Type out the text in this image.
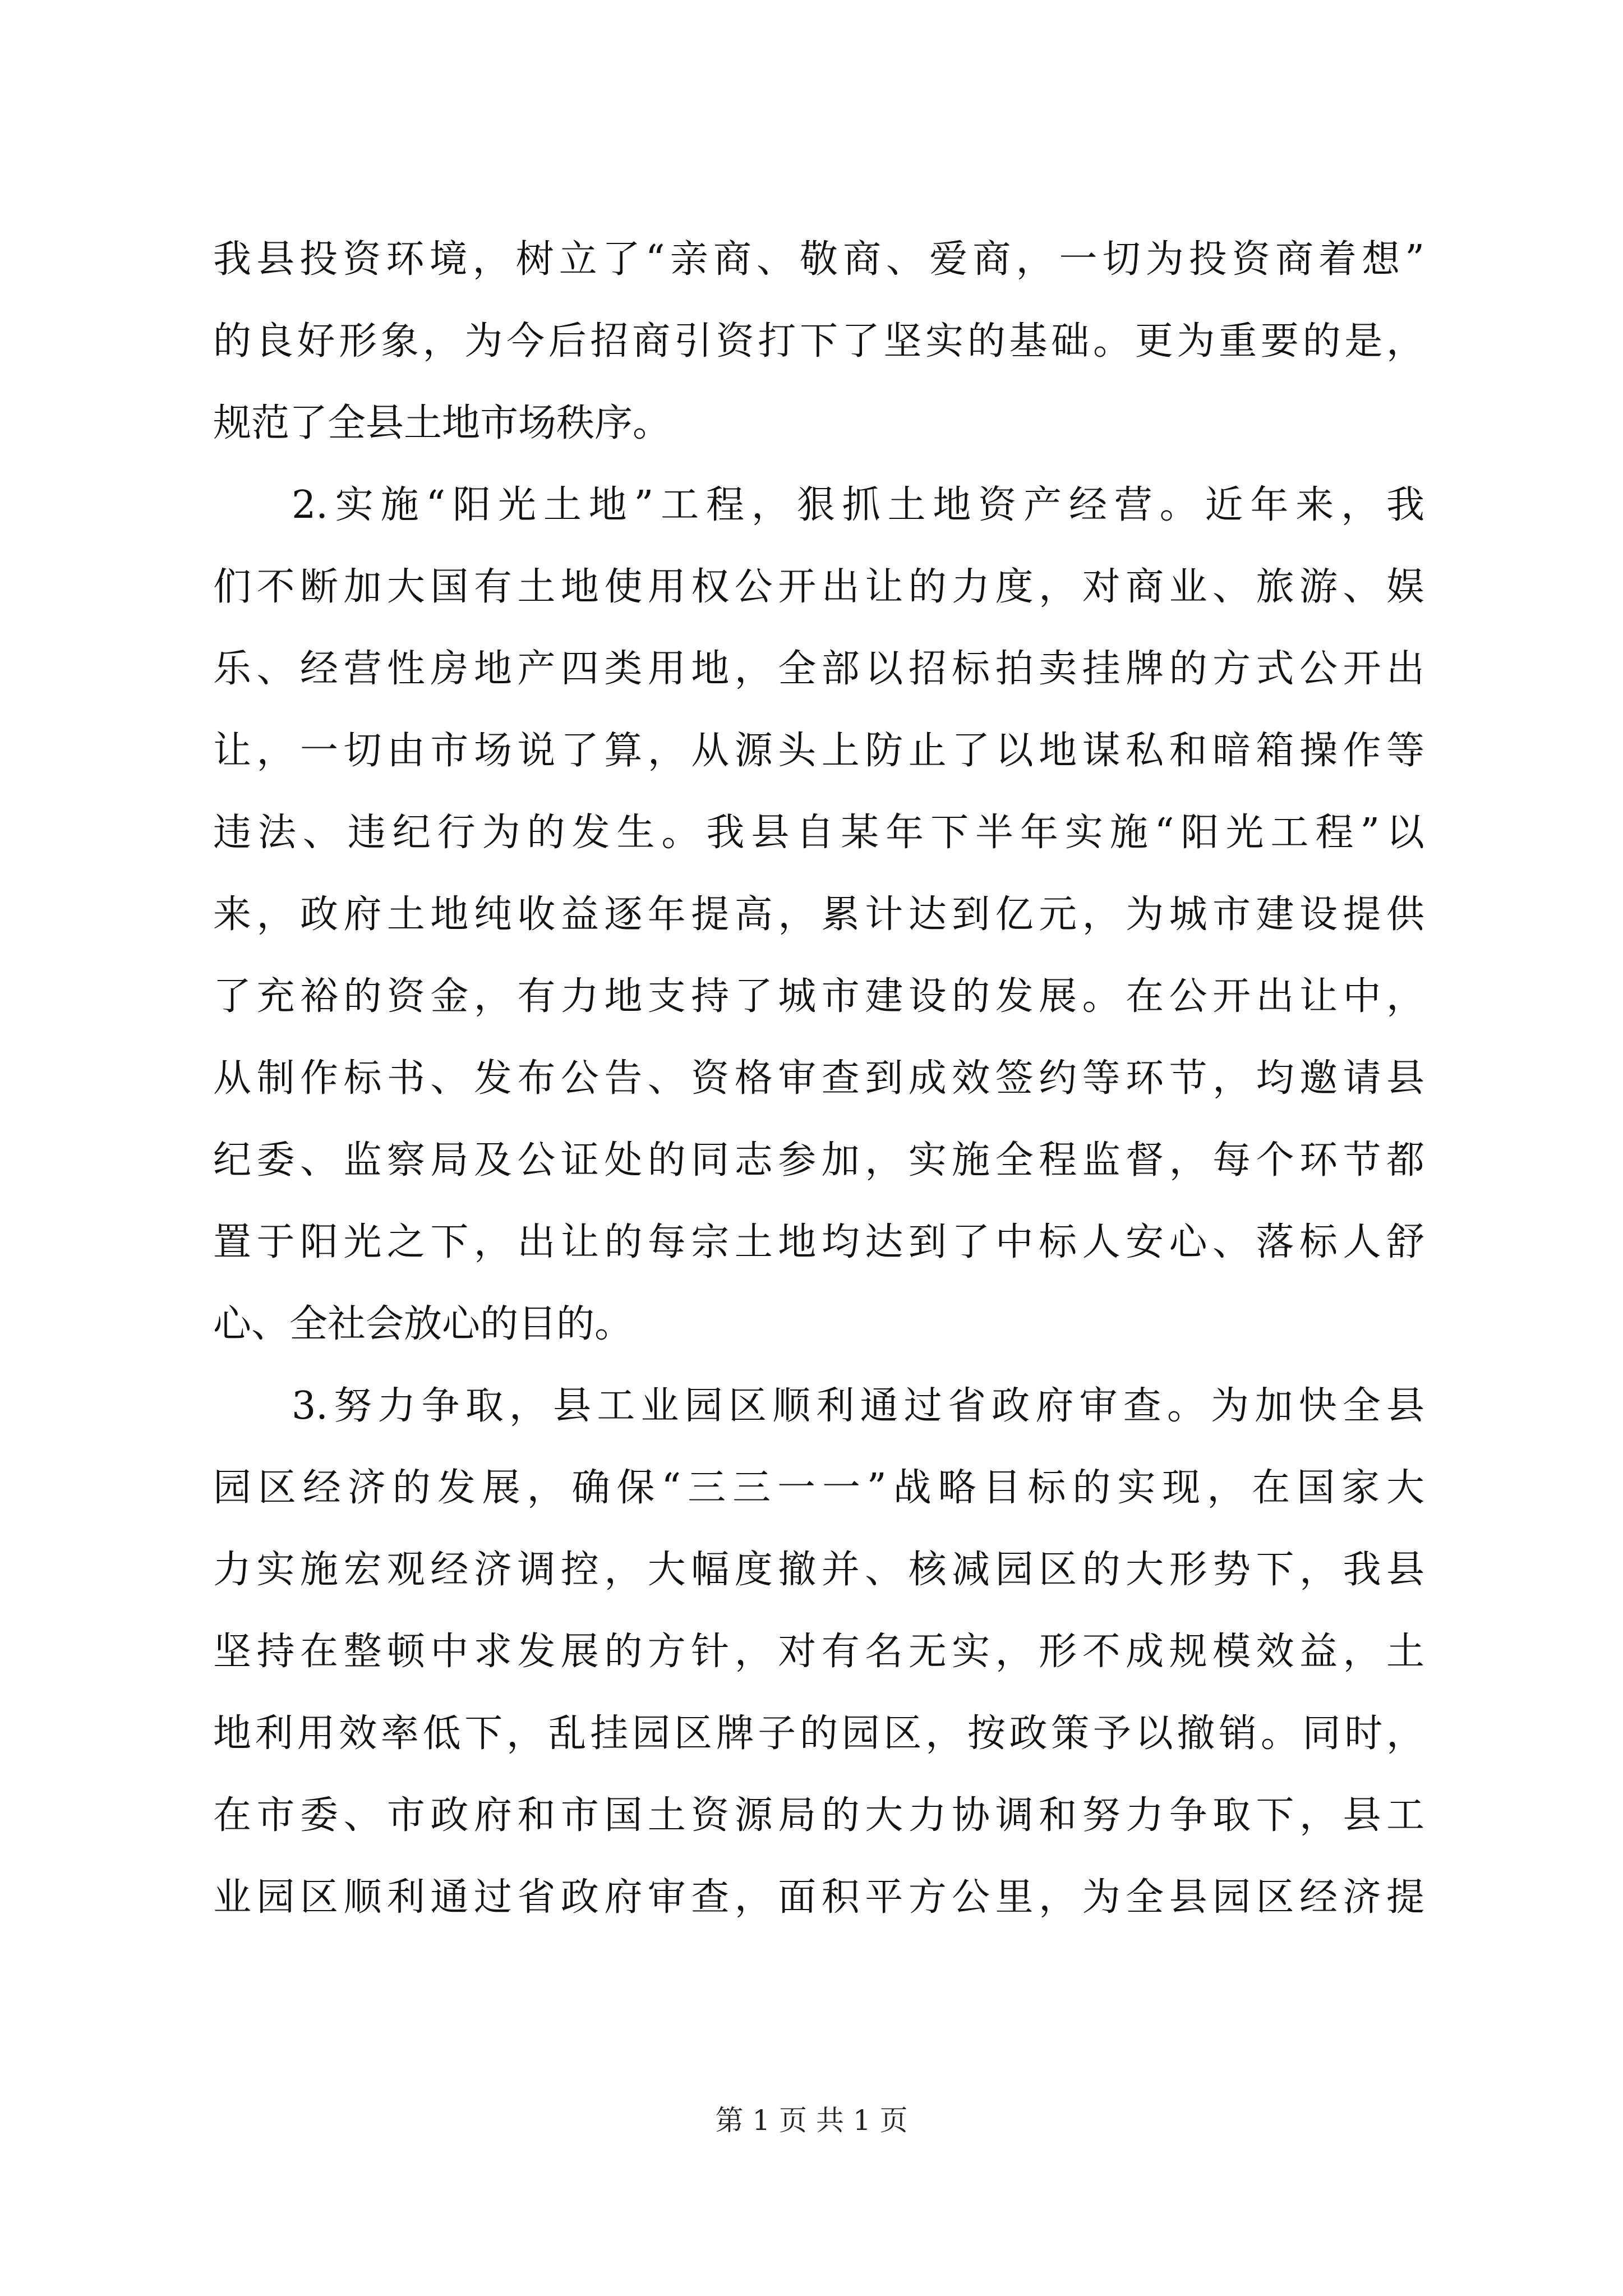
我县投资环境，树立了“亲商、敬商、爱商，一切为投资商着想”
的良好形象，为今后招商引资打下了坚实的基础。更为重要的是，
规范了全县土地市场秩序。
2.实施“阳光土地”工程，狠抓土地资产经营。近年来，我
们不断加大国有土地使用权公开出让的力度，对商业、旅游、娱
乐、经营性房地产四类用地，全部以招标拍卖挂牌的方式公开出
让，一切由市场说了算，从源头上防止了以地谋私和暗箱操作等
违法、违纪行为的发生。我县自某年下半年实施“阳光工程”以
来，政府土地纯收益逐年提高，累计达到亿元，为城市建设提供
了充裕的资金，有力地支持了城市建设的发展。在公开出让中，
从制作标书、发布公告、资格审查到成效签约等环节，均邀请县
纪委、监察局及公证处的同志参加，实施全程监督，每个环节都
置于阳光之下，出让的每宗土地均达到了中标人安心、落标人舒
心、全社会放心的目的。
3.努力争取，县工业园区顺利通过省政府审查。为加快全县
园区经济的发展，确保“三三一一”战略目标的实现，在国家大
力实施宏观经济调控，大幅度撤并、核减园区的大形势下，我县
坚持在整顿中求发展的方针，对有名无实，形不成规模效益，土
地利用效率低下，乱挂园区牌子的园区，按政策予以撤销。同时，
在市委、市政府和市国土资源局的大力协调和努力争取下，县工
业园区顺利通过省政府审查，面积平方公里，为全县园区经济提
第 1 页 共 1 页
